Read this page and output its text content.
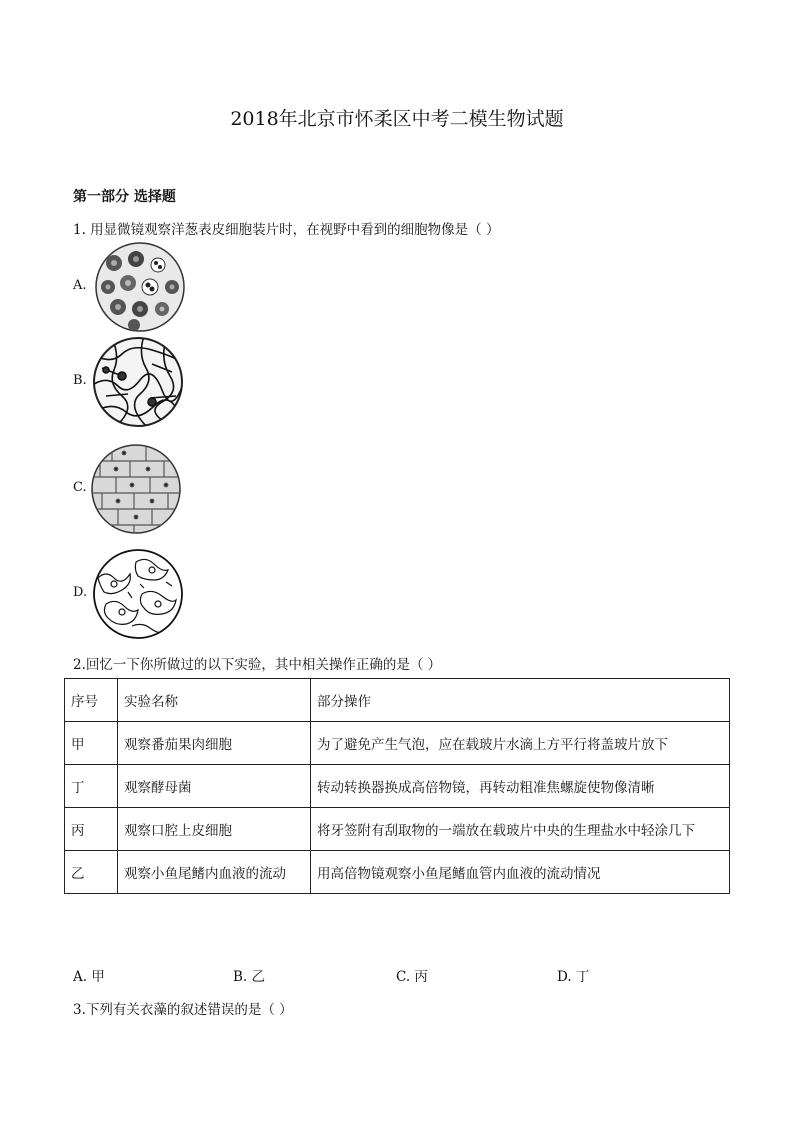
2018年北京市怀柔区中考二模生物试题
第一部分 选择题
1. 用显微镜观察洋葱表皮细胞装片时，在视野中看到的细胞物像是（ ）
A.
B.
C.
D.
2.回忆一下你所做过的以下实验，其中相关操作正确的是（ ）
序号	实验名称	部分操作
甲	观察番茄果肉细胞	为了避免产生气泡，应在载玻片水滴上方平行将盖玻片放下
丁	观察酵母菌	转动转换器换成高倍物镜，再转动粗准焦螺旋使物像清晰
丙	观察口腔上皮细胞	将牙签附有刮取物的一端放在载玻片中央的生理盐水中轻涂几下
乙	观察小鱼尾鳍内血液的流动	用高倍物镜观察小鱼尾鳍血管内血液的流动情况
A. 甲	B. 乙	C. 丙	D. 丁
3.下列有关衣藻的叙述错误的是（ ）
